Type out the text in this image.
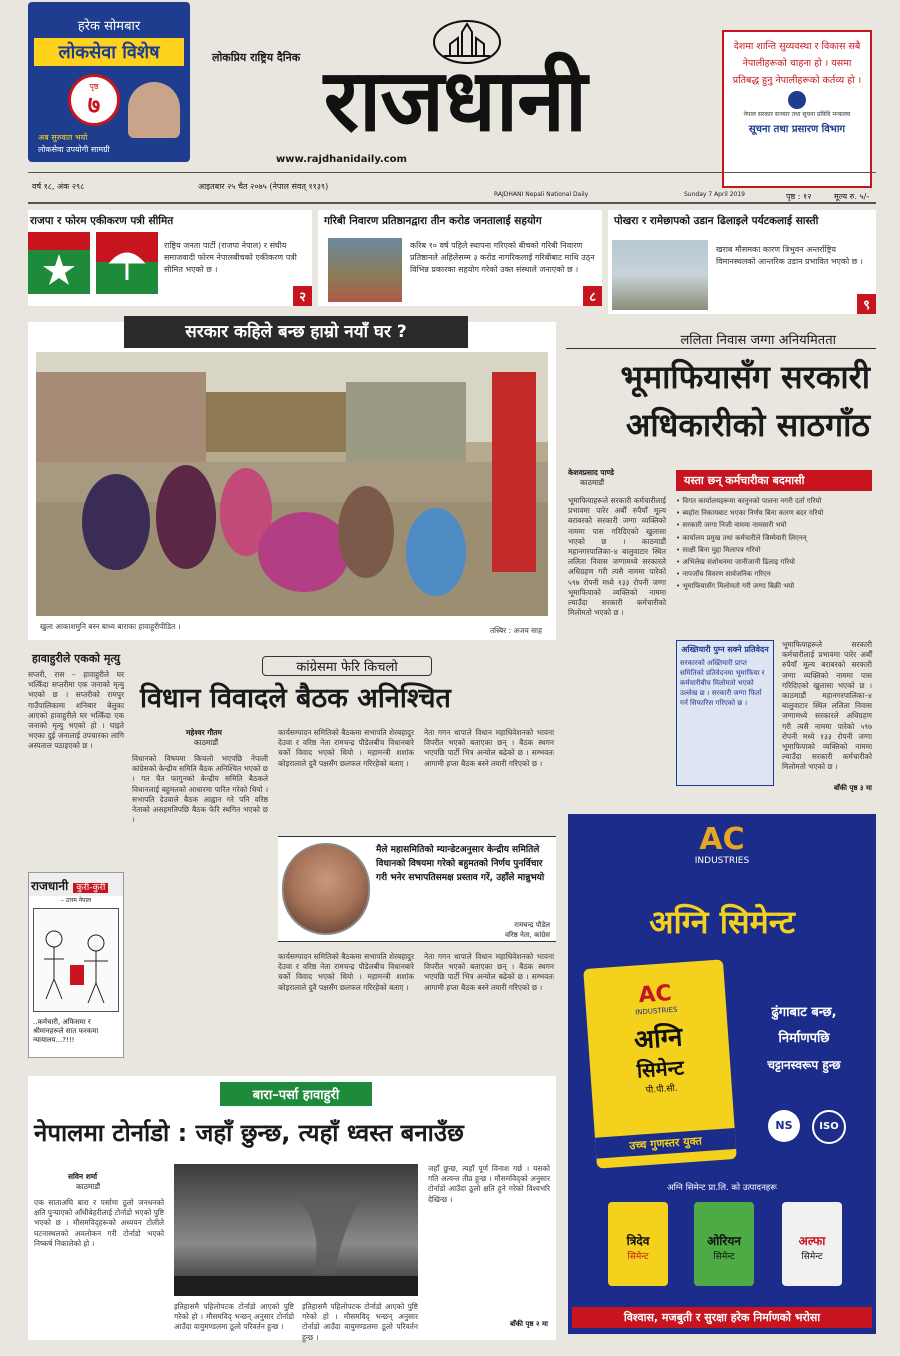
हरेक सोमबार
लोकसेवा विशेष
पृष्ठ
७
अब सुरुवात भयो
लोकसेवा उपयोगी सामग्री
लोकप्रिय राष्ट्रिय दैनिक राजधानी
www.rajdhanidaily.com
देशमा शान्ति सुव्यवस्था र विकास सबै नेपालीहरूको चाहना हो । यसमा प्रतिबद्ध हुनु नेपालीहरूको कर्तव्य हो ।
नेपाल सरकार सञ्चार तथा सूचना प्रविधि मन्त्रालय
सूचना तथा प्रसारण विभाग
वर्ष १८, अंक २९८	आइतबार २५ चैत २०७५ (नेपाल संवत् ११३९)
RAJDHANI Nepali National Daily	Sunday 7 April 2019	पृष्ठ : १२	मूल्य रु. ५/-
राजपा र फोरम एकीकरण पत्री सीमित
राष्ट्रिय जनता पार्टी (राजपा नेपाल) र संघीय समाजवादी फोरम नेपालबीचको एकीकरण पत्री सीमित भएको छ ।
२
गरिबी निवारण प्रतिष्ठानद्वारा तीन करोड जनतालाई सहयोग
करिब १० वर्ष पहिले स्थापना गरिएको बीचको गरिबी निवारण प्रतिष्ठानले अहिलेसम्म ३ करोड नागरिकलाई गरिबीबाट माथि उठ्न विभिन्न प्रकारका सहयोग गरेको उक्त संस्थाले जनाएको छ ।
८
पोखरा र रामेछापको उडान ढिलाइले पर्यटकलाई सास्ती
खराब मौसमका कारण त्रिभुवन अन्तर्राष्ट्रिय विमानस्थलको आन्तरिक उडान प्रभावित भएको छ ।
९
सरकार कहिले बन्छ हाम्रो नयाँ घर ?
खुला आकाशमुनि बस्न बाध्य बाराका हावाहुरीपीडित ।	तस्बिर : अजय साह
ललिता निवास जग्गा अनियमितता
भूमाफियासँग सरकारी
अधिकारीको साठगाँठ
केशवप्रसाद पाण्डे
काठमाडौं
भूमाफियाहरूले सरकारी कर्मचारीलाई प्रभावमा पारेर अर्बौं रुपैयाँ मूल्य बराबरको सरकारी जग्गा व्यक्तिको नाममा पास गरिदिएको खुलासा भएको छ । काठमाडौं महानगरपालिका–४ बालुवाटार स्थित ललिता निवास जग्गामध्ये सरकारले अधिग्रहण गरी त्यसै नाममा पारेको ५९७ रोपनी मध्ये १३३ रोपनी जग्गा भूमाफियाको व्यक्तिको नाममा ल्याउँदा सरकारी कर्मचारीको मिलोमतो भएको छ ।
यस्ता छन् कर्मचारीका बदमासी
• विगत कार्यालयहरूमा कानुनको पालना नगरी दर्ता गरियो
• ब्यहोरा निकायबाट भएका निर्णय बिना कारण बदर गरियो
• सरकारी जग्गा निजी नाममा नामसारी भयो
• कार्यालय प्रमुख तथा कर्मचारीले जिम्मेवारी लिएनन्
• साक्षी बिना मुद्दा मिलापत्र गरियो
• अभिलेख संशोधनमा जानीजानी ढिलाइ गरियो
• नापजाँच विवरण सार्वजनिक गरिएन
• भूमाफियासँग मिलोमतो गरी जग्गा बिक्री भयो
अख्तियारी पुग्न सक्ने प्रतिवेदन
सरकारको अख्तियारी प्राप्त समितिको प्रतिवेदनमा भूमाफिया र कर्मचारीबीच मिलोमतो भएको उल्लेख छ । सरकारी जग्गा फिर्ता गर्न सिफारिस गरिएको छ ।
भूमाफियाहरूले सरकारी कर्मचारीलाई प्रभावमा पारेर अर्बौं रुपैयाँ मूल्य बराबरको सरकारी जग्गा व्यक्तिको नाममा पास गरिदिएको खुलासा भएको छ । काठमाडौं महानगरपालिका–४ बालुवाटार स्थित ललिता निवास जग्गामध्ये सरकारले अधिग्रहण गरी त्यसै नाममा पारेको ५९७ रोपनी मध्ये १३३ रोपनी जग्गा भूमाफियाको व्यक्तिको नाममा ल्याउँदा सरकारी कर्मचारीको मिलोमतो भएको छ ।
बाँकी पृष्ठ ३ मा
हावाहुरीले एकको मृत्यु
सप्तरी, रास – हावाहुरीले घर भत्किँदा सप्तरीमा एक जनाको मृत्यु भएको छ । सप्तरीको रामपुर गाउँपालिकामा शनिबार बेलुका आएको हावाहुरीले घर भत्किँदा एक जनाको मृत्यु भएको हो । घाइते भएका दुई जनालाई उपचारका लागि अस्पताल पठाइएको छ ।
राजधानी कुरी-कुरी
– उत्तम नेपाल
..कर्मचारी, अफिसमा र श्रीमानहरूले सात फरकमा न्यायालय...?!!!
कांग्रेसमा फेरि किचलो
विधान विवादले बैठक अनिश्चित
महेश्वर गौतम
काठमाडौं
विधानको विषयमा किचलो भएपछि नेपाली कांग्रेसको केन्द्रीय समिति बैठक अनिश्चित भएको छ । गत चैत फागुनको केन्द्रीय समिति बैठकले विधानलाई बहुमतको आधारमा पारित गरेको थियो । सभापति देउवाले बैठक आह्वान गरे पनि वरिष्ठ नेताको असहमतिपछि बैठक फेरि स्थगित भएको छ ।
कार्यसम्पादन समितिको बैठकमा सभापति शेरबहादुर देउवा र वरिष्ठ नेता रामचन्द्र पौडेलबीच विधानबारे चर्को विवाद भएको थियो । महामन्त्री शशांक कोइरालाले दुवै पक्षसँग छलफल गरिरहेको बताए ।
नेता गगन थापाले विधान महाधिवेशनको भावना विपरीत भएको बताएका छन् । बैठक स्थगन भएपछि पार्टी भित्र अन्योल बढेको छ । सम्भवतः आगामी हप्ता बैठक बस्ने तयारी गरिएको छ ।
मैले महासमितिको म्यान्डेटअनुसार केन्द्रीय समितिले विधानको विषयमा गरेको बहुमतको निर्णय पुनर्विचार गरी भनेर सभापतिसमक्ष प्रस्ताव गरें, उहाँले मान्नुभयो
रामचन्द्र पौडेल
वरिष्ठ नेता, कांग्रेस
कार्यसम्पादन समितिको बैठकमा सभापति शेरबहादुर देउवा र वरिष्ठ नेता रामचन्द्र पौडेलबीच विधानबारे चर्को विवाद भएको थियो । महामन्त्री शशांक कोइरालाले दुवै पक्षसँग छलफल गरिरहेको बताए ।
नेता गगन थापाले विधान महाधिवेशनको भावना विपरीत भएको बताएका छन् । बैठक स्थगन भएपछि पार्टी भित्र अन्योल बढेको छ । सम्भवतः आगामी हप्ता बैठक बस्ने तयारी गरिएको छ ।
बारा–पर्सा हावाहुरी
नेपालमा टोर्नाडो : जहाँ छुन्छ, त्यहाँ ध्वस्त बनाउँछ
सविन शर्मा
काठमाडौं
एक साताअघि बारा र पर्सामा ठूलो जनधनको क्षति पुर्‍याएको आँधीबेहरीलाई टोर्नाडो भएको पुष्टि भएको छ । मौसमविद्हरूको अध्ययन टोलीले घटनास्थलको अवलोकन गरी टोर्नाडो भएको निष्कर्ष निकालेको हो ।
इतिहासमै पहिलोपटक टोर्नाडो आएको पुष्टि गरेको हो । मौसमविद् भन्छन् अनुसार टोर्नाडो आउँदा वायुमण्डलमा ठूलो परिवर्तन हुन्छ ।
इतिहासमै पहिलोपटक टोर्नाडो आएको पुष्टि गरेको हो । मौसमविद् भन्छन् अनुसार टोर्नाडो आउँदा वायुमण्डलमा ठूलो परिवर्तन हुन्छ ।
जहाँ छुन्छ, त्यहाँ पूर्ण विनाश गर्छ । यसको गति अत्यन्त तीव्र हुन्छ । मौसमविद्को अनुसार टोर्नाडो आउँदा ठूलो क्षति हुने गरेको विश्वभरि देखिन्छ ।
बाँकी पृष्ठ २ मा
AC
INDUSTRIES
अग्नि सिमेन्ट
AC
INDUSTRIES
अग्नि
सिमेन्ट
पी.पी.सी.
उच्च गुणस्तर युक्त
ढुंगाबाट बन्छ,
निर्माणपछि
चट्टानस्वरूप हुन्छ
NS	ISO
अग्नि सिमेन्ट प्रा.लि. को उत्पादनहरू
त्रिदेव
सिमेन्ट
ओरियन
सिमेन्ट
अल्फा
सिमेन्ट
विश्वास, मजबुती र सुरक्षा हरेक निर्माणको भरोसा
